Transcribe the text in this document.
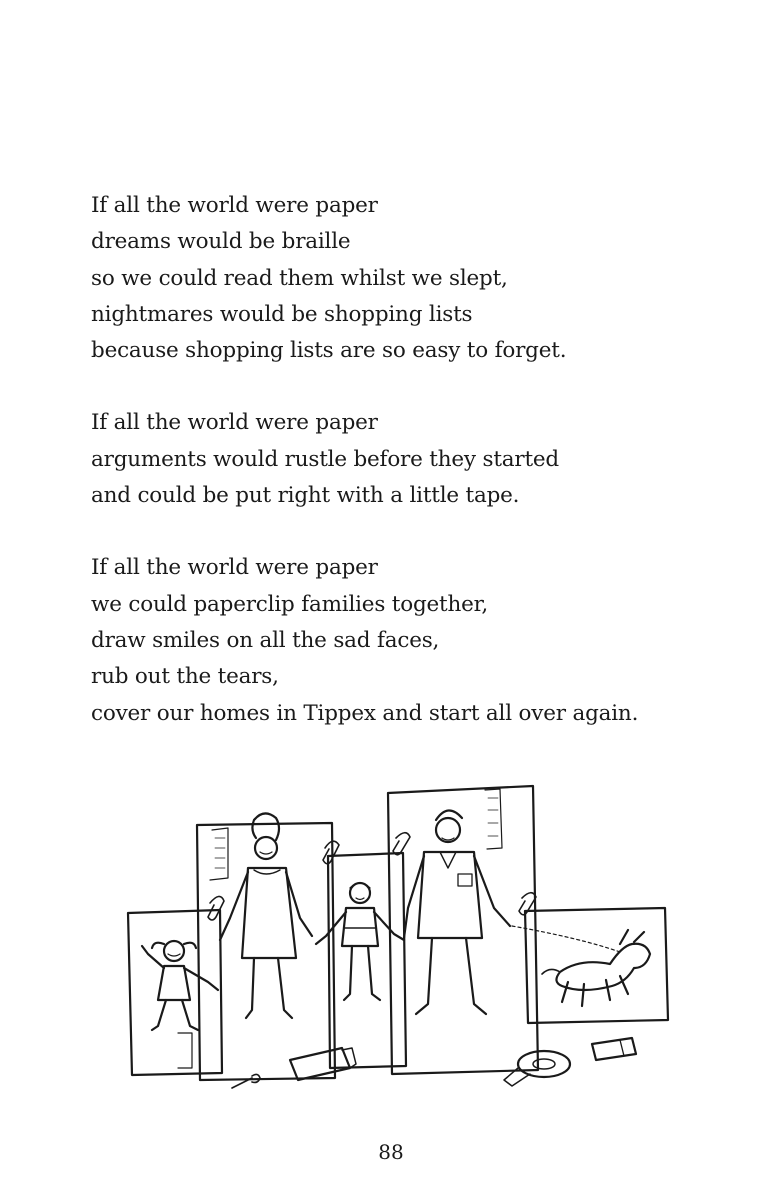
If all the world were paper
dreams would be braille
so we could read them whilst we slept,
nightmares would be shopping lists
because shopping lists are so easy to forget.
If all the world were paper
arguments would rustle before they started
and could be put right with a little tape.
If all the world were paper
we could paperclip families together,
draw smiles on all the sad faces,
rub out the tears,
cover our homes in Tippex and start all over again.
88
